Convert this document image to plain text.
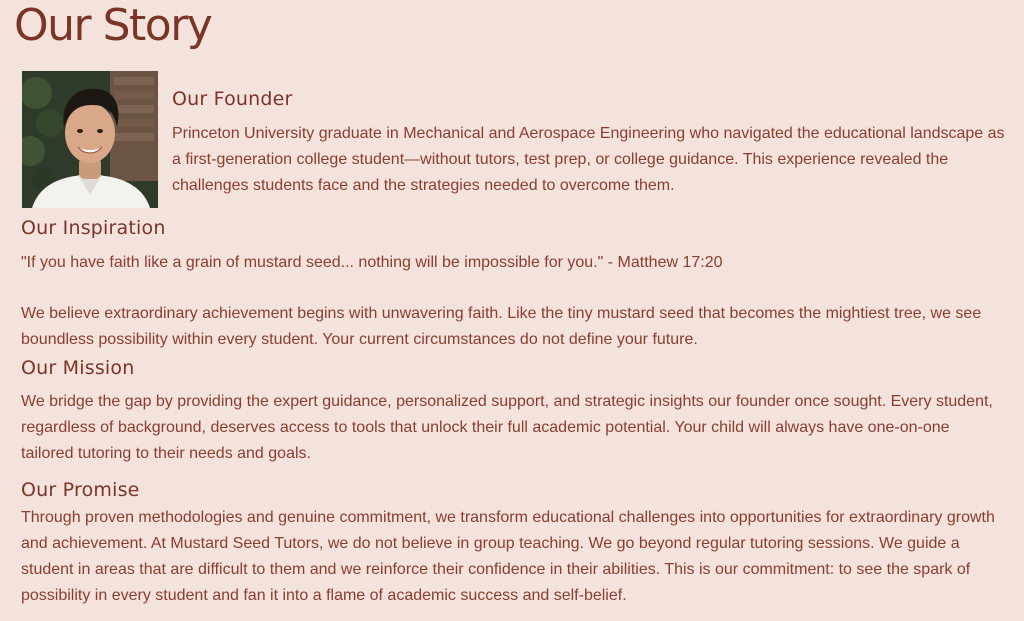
Our Story
Our Founder

Princeton University graduate in Mechanical and Aerospace Engineering who navigated the educational landscape as a first-generation college student—without tutors, test prep, or college guidance. This experience revealed the challenges students face and the strategies needed to overcome them.

Our Inspiration

"If you have faith like a grain of mustard seed... nothing will be impossible for you." - Matthew 17:20

We believe extraordinary achievement begins with unwavering faith. Like the tiny mustard seed that becomes the mightiest tree, we see boundless possibility within every student. Your current circumstances do not define your future.

Our Mission

We bridge the gap by providing the expert guidance, personalized support, and strategic insights our founder once sought. Every student, regardless of background, deserves access to tools that unlock their full academic potential. Your child will always have one-on-one tailored tutoring to their needs and goals.

Our Promise

Through proven methodologies and genuine commitment, we transform educational challenges into opportunities for extraordinary growth and achievement. At Mustard Seed Tutors, we do not believe in group teaching. We go beyond regular tutoring sessions. We guide a student in areas that are difficult to them and we reinforce their confidence in their abilities. This is our commitment: to see the spark of possibility in every student and fan it into a flame of academic success and self-belief.
